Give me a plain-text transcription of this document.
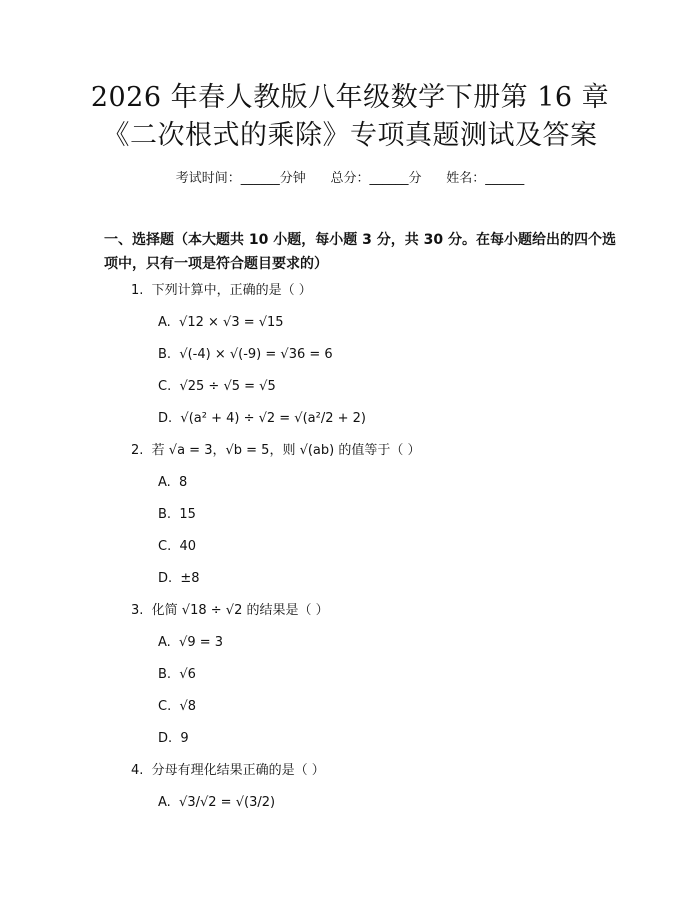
2026 年春人教版八年级数学下册第 16 章
《二次根式的乘除》专项真题测试及答案
考试时间：______分钟      总分：______分      姓名：______
一、选择题（本大题共 10 小题，每小题 3 分，共 30 分。在每小题给出的四个选项中，只有一项是符合题目要求的）
1.  下列计算中，正确的是（ ）
A.  √12 × √3 = √15
B.  √(-4) × √(-9) = √36 = 6
C.  √25 ÷ √5 = √5
D.  √(a² + 4) ÷ √2 = √(a²/2 + 2)
2.  若 √a = 3，√b = 5，则 √(ab) 的值等于（ ）
A.  8
B.  15
C.  40
D.  ±8
3.  化简 √18 ÷ √2 的结果是（ ）
A.  √9 = 3
B.  √6
C.  √8
D.  9
4.  分母有理化结果正确的是（ ）
A.  √3/√2 = √(3/2)
